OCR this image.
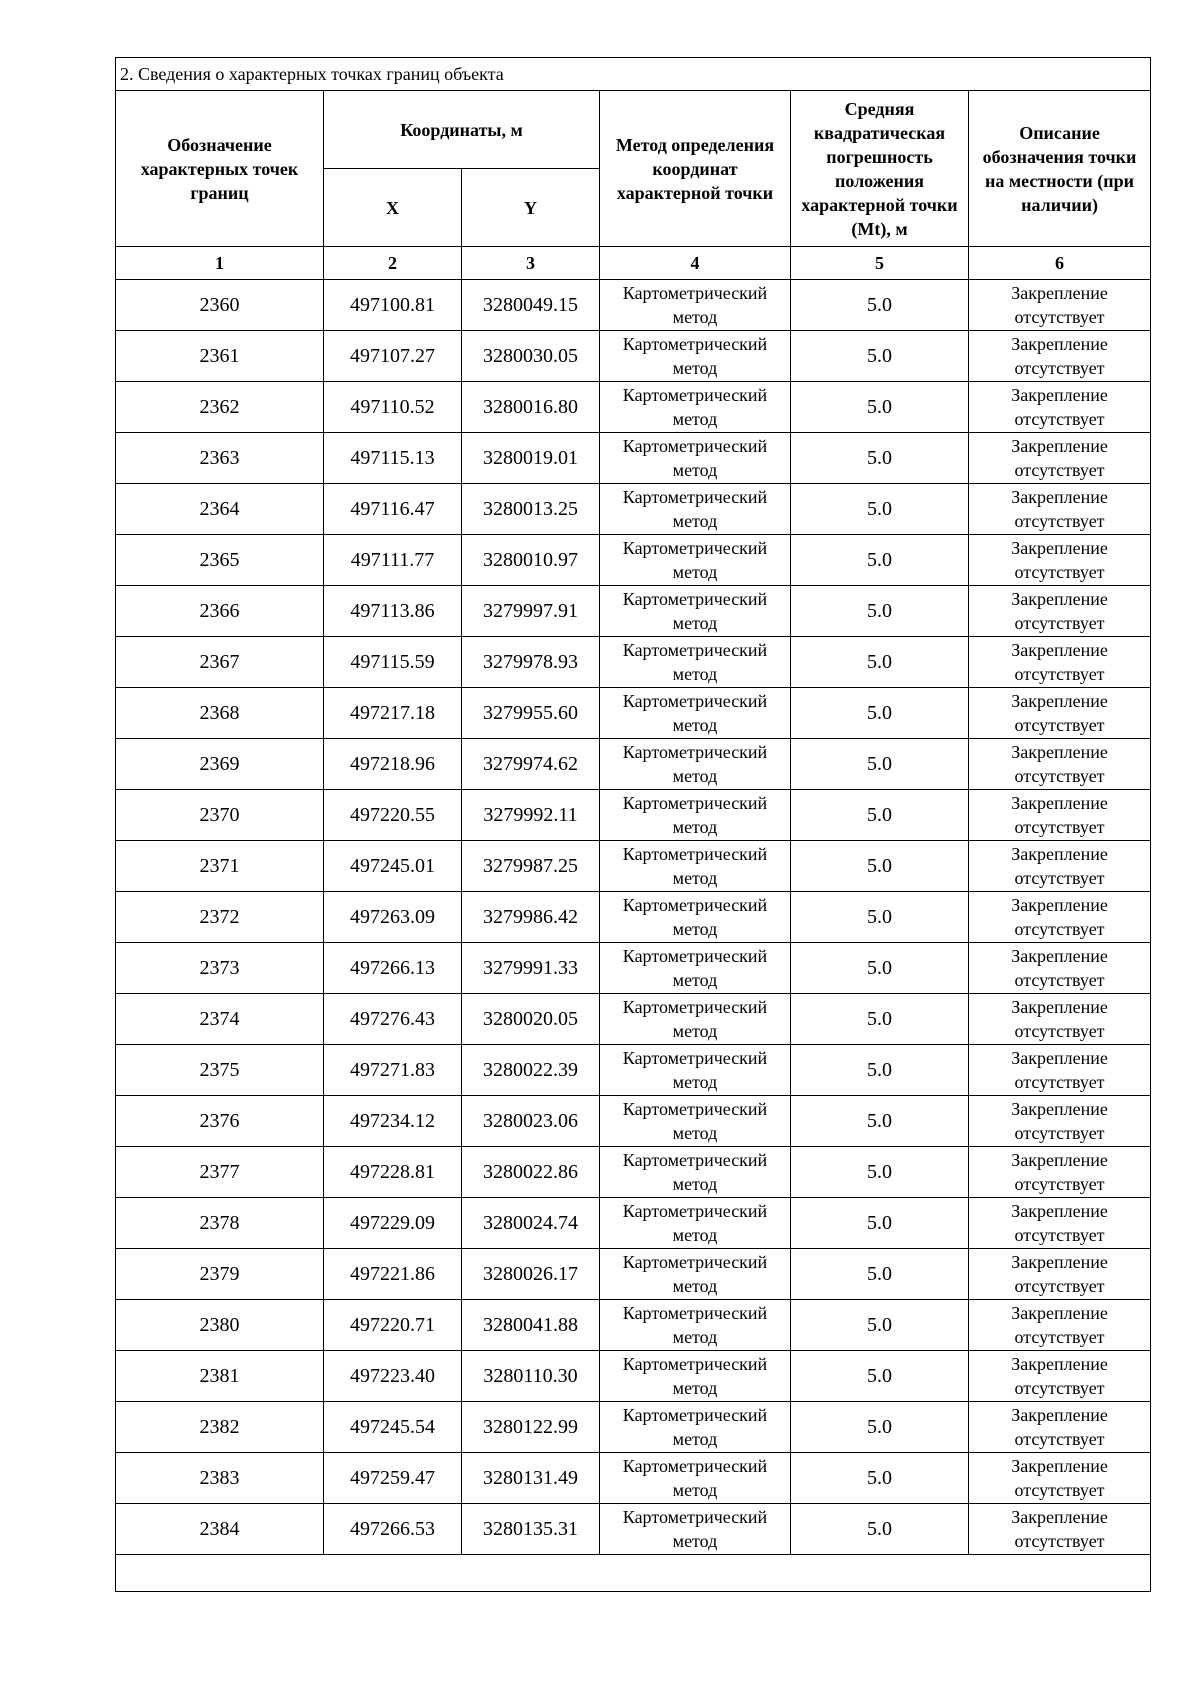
2. Сведения о характерных точках границ объекта					
Обозначение характерных точек границ	Координаты, м		Метод определения координат характерной точки	Средняя квадратическая погрешность положения характерной точки (Mt), м	Описание обозначения точки на местности (при наличии)
	X	Y			
1	2	3	4	5	6
2360	497100.81	3280049.15	Картометрический метод	5.0	Закрепление отсутствует
2361	497107.27	3280030.05	Картометрический метод	5.0	Закрепление отсутствует
2362	497110.52	3280016.80	Картометрический метод	5.0	Закрепление отсутствует
2363	497115.13	3280019.01	Картометрический метод	5.0	Закрепление отсутствует
2364	497116.47	3280013.25	Картометрический метод	5.0	Закрепление отсутствует
2365	497111.77	3280010.97	Картометрический метод	5.0	Закрепление отсутствует
2366	497113.86	3279997.91	Картометрический метод	5.0	Закрепление отсутствует
2367	497115.59	3279978.93	Картометрический метод	5.0	Закрепление отсутствует
2368	497217.18	3279955.60	Картометрический метод	5.0	Закрепление отсутствует
2369	497218.96	3279974.62	Картометрический метод	5.0	Закрепление отсутствует
2370	497220.55	3279992.11	Картометрический метод	5.0	Закрепление отсутствует
2371	497245.01	3279987.25	Картометрический метод	5.0	Закрепление отсутствует
2372	497263.09	3279986.42	Картометрический метод	5.0	Закрепление отсутствует
2373	497266.13	3279991.33	Картометрический метод	5.0	Закрепление отсутствует
2374	497276.43	3280020.05	Картометрический метод	5.0	Закрепление отсутствует
2375	497271.83	3280022.39	Картометрический метод	5.0	Закрепление отсутствует
2376	497234.12	3280023.06	Картометрический метод	5.0	Закрепление отсутствует
2377	497228.81	3280022.86	Картометрический метод	5.0	Закрепление отсутствует
2378	497229.09	3280024.74	Картометрический метод	5.0	Закрепление отсутствует
2379	497221.86	3280026.17	Картометрический метод	5.0	Закрепление отсутствует
2380	497220.71	3280041.88	Картометрический метод	5.0	Закрепление отсутствует
2381	497223.40	3280110.30	Картометрический метод	5.0	Закрепление отсутствует
2382	497245.54	3280122.99	Картометрический метод	5.0	Закрепление отсутствует
2383	497259.47	3280131.49	Картометрический метод	5.0	Закрепление отсутствует
2384	497266.53	3280135.31	Картометрический метод	5.0	Закрепление отсутствует
